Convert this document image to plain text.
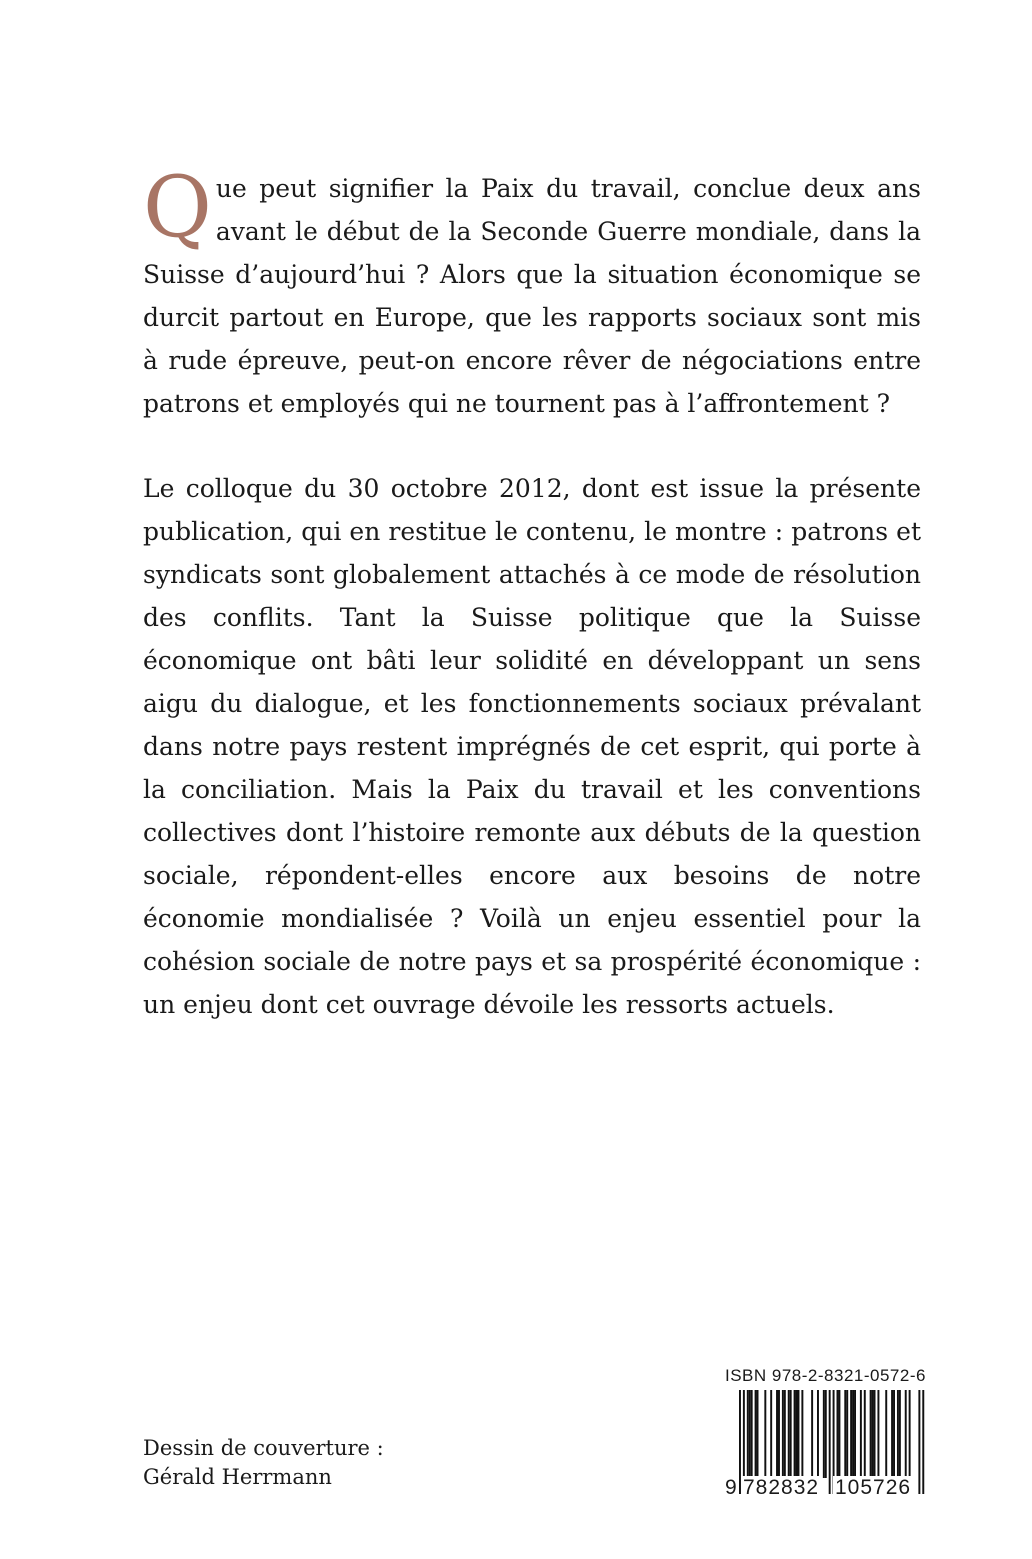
Q ue peut signifier la Paix du travail, conclue deux ans avant le début de la Seconde Guerre mondiale, dans la Suisse d’aujourd’hui ? Alors que la situation économique se durcit partout en Europe, que les rapports sociaux sont mis à rude épreuve, peut-on encore rêver de négociations entre patrons et employés qui ne tournent pas à l’affrontement ?
Le colloque du 30 octobre 2012, dont est issue la présente publication, qui en restitue le contenu, le montre : patrons et syndicats sont globalement attachés à ce mode de résolution des conflits. Tant la Suisse politique que la Suisse économique ont bâti leur solidité en développant un sens aigu du dialogue, et les fonctionnements sociaux prévalant dans notre pays restent imprégnés de cet esprit, qui porte à la conciliation. Mais la Paix du travail et les conventions collectives dont l’histoire remonte aux débuts de la question sociale, répondent-elles encore aux besoins de notre économie mondialisée ? Voilà un enjeu essentiel pour la cohésion sociale de notre pays et sa prospérité économique : un enjeu dont cet ouvrage dévoile les ressorts actuels.
Dessin de couverture :
Gérald Herrmann
ISBN 978-2-8321-0572-6
9 782832 105726
